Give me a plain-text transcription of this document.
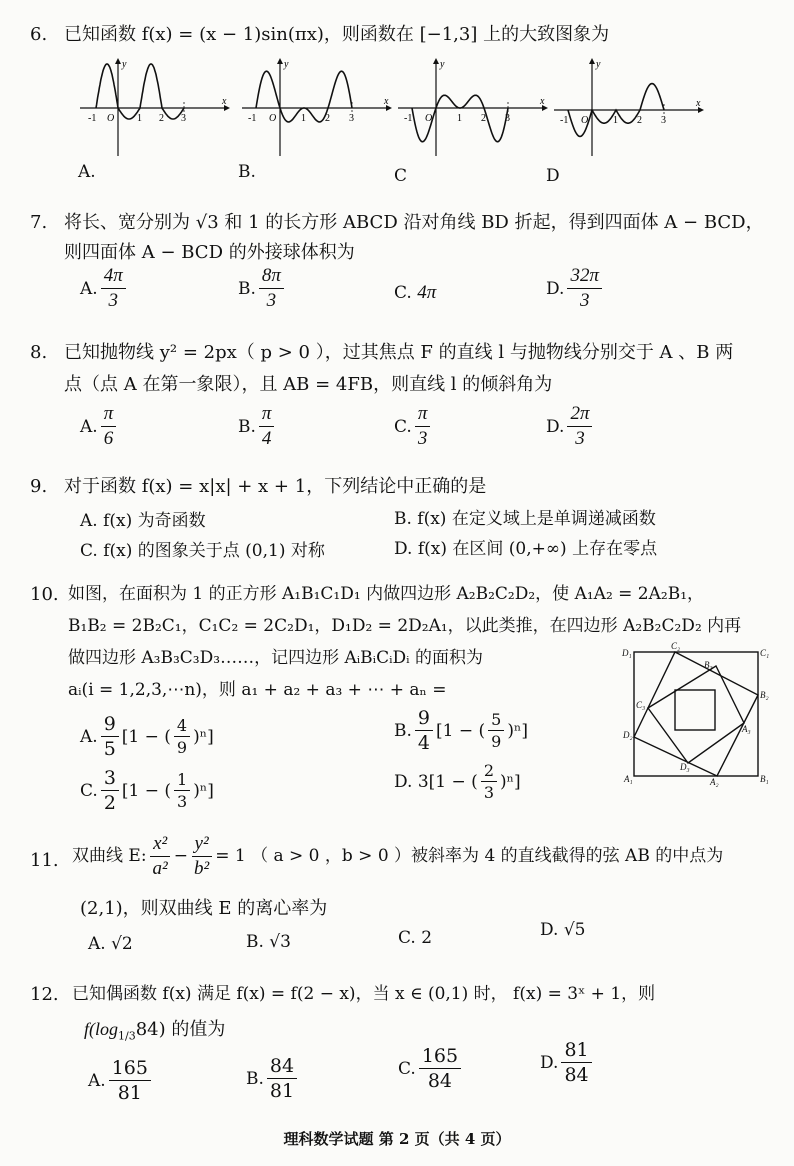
6. 已知函数 f(x) = (x − 1)sin(πx)，则函数在 [−1,3] 上的大致图象为
y
x
-1 O 1 2 3
y
x
-1 O 1 2 3
y
x
-1 O 1 2 3
y
x
-1 O 1 2 3
A.	B.	C	D
7. 将长、宽分别为 √3 和 1 的长方形 ABCD 沿对角线 BD 折起，得到四面体 A − BCD，
则四面体 A − BCD 的外接球体积为
A. $\frac{4\pi}{3}$	B. $\frac{8\pi}{3}$	C. 4π	D. $\frac{32\pi}{3}$
8. 已知抛物线 y² = 2px（ p > 0 ），过其焦点 F 的直线 l 与抛物线分别交于 A 、B 两
点（点 A 在第一象限），且 AB = 4FB，则直线 l 的倾斜角为
A. $\frac{\pi}{6}$	B. $\frac{\pi}{4}$	C. $\frac{\pi}{3}$	D. $\frac{2\pi}{3}$
9. 对于函数 f(x) = x|x| + x + 1，下列结论中正确的是
A. f(x) 为奇函数	B. f(x) 在定义域上是单调递减函数
C. f(x) 的图象关于点 (0,1) 对称	D. f(x) 在区间 (0,+∞) 上存在零点
10. 如图，在面积为 1 的正方形 A₁B₁C₁D₁ 内做四边形 A₂B₂C₂D₂，使 A₁A₂ = 2A₂B₁，
B₁B₂ = 2B₂C₁，C₁C₂ = 2C₂D₁，D₁D₂ = 2D₂A₁，以此类推，在四边形 A₂B₂C₂D₂ 内再
做四边形 A₃B₃C₃D₃……，记四边形 AᵢBᵢCᵢDᵢ 的面积为
aᵢ(i = 1,2,3,⋯n)，则 a₁ + a₂ + a₃ + ⋯ + aₙ =
A. $\frac{9}{5} [1$ − ( $\frac{4}{9} )^n$]	B. $\frac{9}{4} [1$ − ( $\frac{5}{9} )^n$]
C. $\frac{3}{2} [1$ − ( $\frac{1}{3} )^n$]	D.
3 [1 − ( $\frac{2}{3} )^n$]
D₁
C₂
B₃
C₁
C₃
B₂
D₂
A₃
D₃
A₁	A₂	B₁
11. 双曲线 E: $\frac{\text{x²}}{\text{a²}} - \frac{\text{y²}}{\text{b²}} = 1$ （ a > 0 ，b > 0 ）被斜率为 4 的直线截得的弦 AB 的中点为
(2,1)，则双曲线 E 的离心率为
A. √2	B. √3	C. 2	D. √5
12. 已知偶函数 f(x) 满足 f(x) = f(2 − x)，当 x ∈ (0,1) 时， f(x) = 3ˣ + 1，则
$f(\log_{1/3}84)$ 的值为
A. $\frac{165}{81}$	B. $\frac{84}{81}$	C. $\frac{165}{84}$	D. $\frac{81}{84}$
理科数学试题 第 2 页（共 4 页）
